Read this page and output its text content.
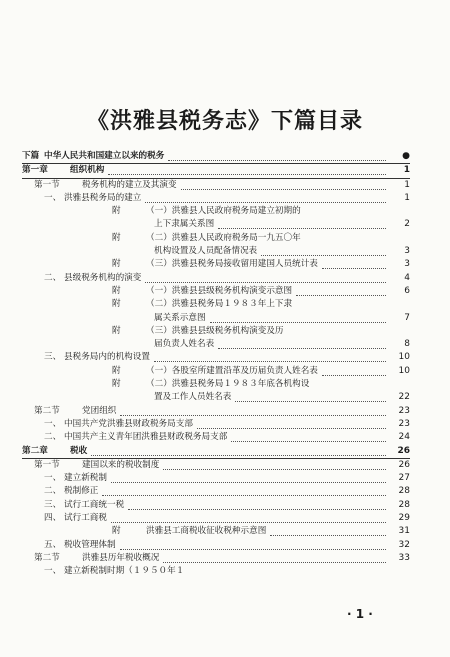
《洪雅县税务志》下篇目录
下篇 中华人民共和国建立以来的税务	●
第一章	组织机构	1
第一节	税务机构的建立及其演变	1
一、 洪雅县税务局的建立	1
附	（一）洪雅县人民政府税务局建立初期的
上下隶属关系图	2
附	（二）洪雅县人民政府税务局一九五〇年
机构设置及人员配备情况表	3
附	（三）洪雅县税务局接收留用建国人员统计表	3
二、 县级税务机构的演变	4
附	（一）洪雅县县级税务机构演变示意图	6
附	（二）洪雅县税务局１９８３年上下隶
属关系示意图	7
附	（三）洪雅县县级税务机构演变及历
届负责人姓名表	8
三、 县税务局内的机构设置	10
附	（一）各股室所建置沿革及历届负责人姓名表	10
附	（二）洪雅县税务局１９８３年底各机构设
置及工作人员姓名表	22
第二节	党团组织	23
一、 中国共产党洪雅县财政税务局支部	23
二、 中国共产主义青年团洪雅县财政税务局支部	24
第二章	税收	26
第一节	建国以来的税收制度	26
一、 建立新税制	27
二、 税制修正	28
三、 试行工商统一税	28
四、 试行工商税	29
附	洪雅县工商税收征收税种示意图	31
五、 税收管理体制	32
第二节	洪雅县历年税收概况	33
一、 建立新税制时期（１９５０年１
· 1 ·
